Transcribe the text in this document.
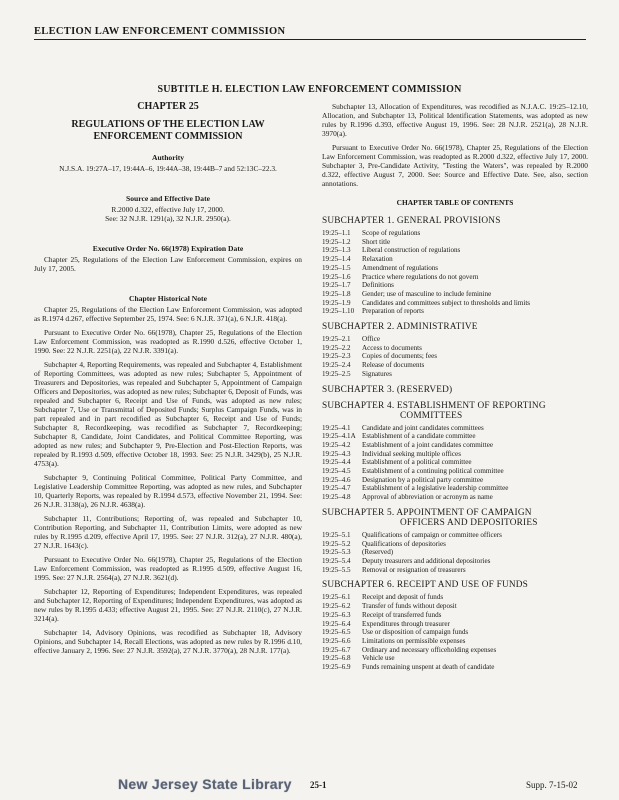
ELECTION LAW ENFORCEMENT COMMISSION
SUBTITLE H. ELECTION LAW ENFORCEMENT COMMISSION
CHAPTER 25
REGULATIONS OF THE ELECTION LAW ENFORCEMENT COMMISSION
Authority

N.J.S.A. 19:27A–17, 19:44A–6, 19:44A–38, 19:44B–7 and 52:13C–22.3.

Source and Effective Date

R.2000 d.322, effective July 17, 2000.

See: 32 N.J.R. 1291(a), 32 N.J.R. 2950(a).

Executive Order No. 66(1978) Expiration Date

Chapter 25, Regulations of the Election Law Enforcement Commission, expires on July 17, 2005.

Chapter Historical Note

Chapter 25, Regulations of the Election Law Enforcement Commission, was adopted as R.1974 d.267, effective September 25, 1974. See: 6 N.J.R. 371(a), 6 N.J.R. 418(a).

Pursuant to Executive Order No. 66(1978), Chapter 25, Regulations of the Election Law Enforcement Commission, was readopted as R.1990 d.526, effective October 1, 1990. See: 22 N.J.R. 2251(a), 22 N.J.R. 3391(a).

Subchapter 4, Reporting Requirements, was repealed and Subchapter 4, Establishment of Reporting Committees, was adopted as new rules; Subchapter 5, Appointment of Treasurers and Depositories, was repealed and Subchapter 5, Appointment of Campaign Officers and Depositories, was adopted as new rules; Subchapter 6, Deposit of Funds, was repealed and Subchapter 6, Receipt and Use of Funds, was adopted as new rules; Subchapter 7, Use or Transmittal of Deposited Funds; Surplus Campaign Funds, was in part repealed and in part recodified as Subchapter 6, Receipt and Use of Funds; Subchapter 8, Recordkeeping, was recodified as Subchapter 7, Recordkeeping; Subchapter 8, Candidate, Joint Candidates, and Political Committee Reporting, was adopted as new rules; and Subchapter 9, Pre-Election and Post-Election Reports, was repealed by R.1993 d.509, effective October 18, 1993. See: 25 N.J.R. 3429(b), 25 N.J.R. 4753(a).

Subchapter 9, Continuing Political Committee, Political Party Committee, and Legislative Leadership Committee Reporting, was adopted as new rules, and Subchapter 10, Quarterly Reports, was repealed by R.1994 d.573, effective November 21, 1994. See: 26 N.J.R. 3138(a), 26 N.J.R. 4638(a).

Subchapter 11, Contributions; Reporting of, was repealed and Subchapter 10, Contribution Reporting, and Subchapter 11, Contribution Limits, were adopted as new rules by R.1995 d.209, effective April 17, 1995. See: 27 N.J.R. 312(a), 27 N.J.R. 480(a), 27 N.J.R. 1643(c).

Pursuant to Executive Order No. 66(1978), Chapter 25, Regulations of the Election Law Enforcement Commission, was readopted as R.1995 d.509, effective August 16, 1995. See: 27 N.J.R. 2564(a), 27 N.J.R. 3621(d).

Subchapter 12, Reporting of Expenditures; Independent Expenditures, was repealed and Subchapter 12, Reporting of Expenditures; Independent Expenditures, was adopted as new rules by R.1995 d.433; effective August 21, 1995. See: 27 N.J.R. 2110(c), 27 N.J.R. 3214(a).

Subchapter 14, Advisory Opinions, was recodified as Subchapter 18, Advisory Opinions, and Subchapter 14, Recall Elections, was adopted as new rules by R.1996 d.10, effective January 2, 1996. See: 27 N.J.R. 3592(a), 27 N.J.R. 3770(a), 28 N.J.R. 177(a).

Subchapter 13, Allocation of Expenditures, was recodified as N.J.A.C. 19:25–12.10, Allocation, and Subchapter 13, Political Identification Statements, was adopted as new rules by R.1996 d.393, effective August 19, 1996. See: 28 N.J.R. 2521(a), 28 N.J.R. 3970(a).

Pursuant to Executive Order No. 66(1978), Chapter 25, Regulations of the Election Law Enforcement Commission, was readopted as R.2000 d.322, effective July 17, 2000. Subchapter 3, Pre-Candidate Activity, "Testing the Waters", was repealed by R.2000 d.322, effective August 7, 2000. See: Source and Effective Date. See, also, section annotations.

CHAPTER TABLE OF CONTENTS
SUBCHAPTER 1. GENERAL PROVISIONS
19:25–1.1	Scope of regulations
19:25–1.2	Short title
19:25–1.3	Liberal construction of regulations
19:25–1.4	Relaxation
19:25–1.5	Amendment of regulations
19:25–1.6	Practice where regulations do not govern
19:25–1.7	Definitions
19:25–1.8	Gender; use of masculine to include feminine
19:25–1.9	Candidates and committees subject to thresholds and limits
19:25–1.10	Preparation of reports
SUBCHAPTER 2. ADMINISTRATIVE
19:25–2.1	Office
19:25–2.2	Access to documents
19:25–2.3	Copies of documents; fees
19:25–2.4	Release of documents
19:25–2.5	Signatures
SUBCHAPTER 3. (RESERVED)
SUBCHAPTER 4. ESTABLISHMENT OF REPORTING
COMMITTEES
19:25–4.1	Candidate and joint candidates committees
19:25–4.1A Establishment of a candidate committee
19:25–4.2	Establishment of a joint candidates committee
19:25–4.3	Individual seeking multiple offices
19:25–4.4	Establishment of a political committee
19:25–4.5	Establishment of a continuing political committee
19:25–4.6	Designation by a political party committee
19:25–4.7	Establishment of a legislative leadership committee
19:25–4.8	Approval of abbreviation or acronym as name
SUBCHAPTER 5. APPOINTMENT OF CAMPAIGN
OFFICERS AND DEPOSITORIES
19:25–5.1	Qualifications of campaign or committee officers
19:25–5.2	Qualifications of depositories
19:25–5.3	(Reserved)
19:25–5.4	Deputy treasurers and additional depositories
19:25–5.5	Removal or resignation of treasurers
SUBCHAPTER 6. RECEIPT AND USE OF FUNDS
19:25–6.1	Receipt and deposit of funds
19:25–6.2	Transfer of funds without deposit
19:25–6.3	Receipt of transferred funds
19:25–6.4	Expenditures through treasurer
19:25–6.5	Use or disposition of campaign funds
19:25–6.6	Limitations on permissible expenses
19:25–6.7	Ordinary and necessary officeholding expenses
19:25–6.8	Vehicle use
19:25–6.9	Funds remaining unspent at death of candidate
New Jersey State Library 25-1	Supp. 7-15-02
